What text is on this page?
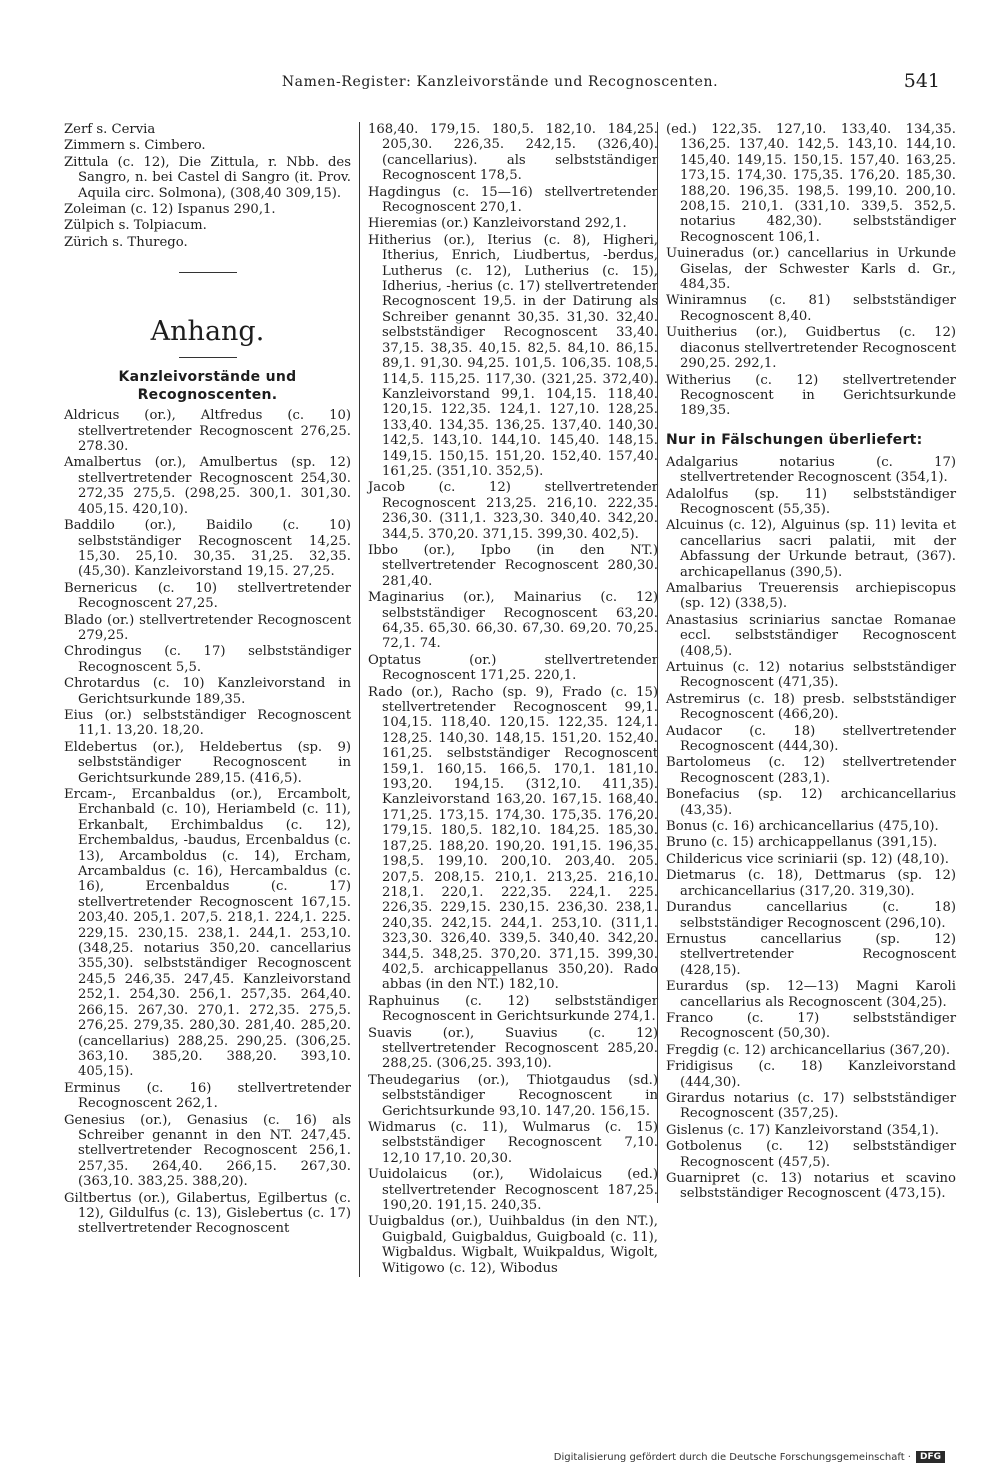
Namen-Register: Kanzleivorstände und Recognoscenten.	541
Zerf s. Cervia
Zimmern s. Cimbero.
Zittula (c. 12), Die Zittula, r. Nbb. des Sangro, n. bei Castel di Sangro (it. Prov. Aquila circ. Solmona), (308,40 309,15).
Zoleiman (c. 12) Ispanus 290,1.
Zülpich s. Tolpiacum.
Zürich s. Thurego.
Anhang.
Kanzleivorstände und Recognoscenten.
Aldricus (or.), Altfredus (c. 10) stellvertretender Recognoscent 276,25. 278.30.
Amalbertus (or.), Amulbertus (sp. 12) stellvertretender Recognoscent 254,30. 272,35 275,5. (298,25. 300,1. 301,30. 405,15. 420,10).
Baddilo (or.), Baidilo (c. 10) selbstständiger Recognoscent 14,25. 15,30. 25,10. 30,35. 31,25. 32,35. (45,30). Kanzleivorstand 19,15. 27,25.
Bernericus (c. 10) stellvertretender Recognoscent 27,25.
Blado (or.) stellvertretender Recognoscent 279,25.
Chrodingus (c. 17) selbstständiger Recognoscent 5,5.
Chrotardus (c. 10) Kanzleivorstand in Gerichtsurkunde 189,35.
Eius (or.) selbstständiger Recognoscent 11,1. 13,20. 18,20.
Eldebertus (or.), Heldebertus (sp. 9) selbstständiger Recognoscent in Gerichtsurkunde 289,15. (416,5).
Ercam-, Ercanbaldus (or.), Ercambolt, Erchanbald (c. 10), Heriambeld (c. 11), Erkanbalt, Erchimbaldus (c. 12), Erchembaldus, -baudus, Ercenbaldus (c. 13), Arcamboldus (c. 14), Ercham, Arcambaldus (c. 16), Hercambaldus (c. 16), Ercenbaldus (c. 17) stellvertretender Recognoscent 167,15. 203,40. 205,1. 207,5. 218,1. 224,1. 225. 229,15. 230,15. 238,1. 244,1. 253,10. (348,25. notarius 350,20. cancellarius 355,30). selbstständiger Recognoscent 245,5 246,35. 247,45. Kanzleivorstand 252,1. 254,30. 256,1. 257,35. 264,40. 266,15. 267,30. 270,1. 272,35. 275,5. 276,25. 279,35. 280,30. 281,40. 285,20. (cancellarius) 288,25. 290,25. (306,25. 363,10. 385,20. 388,20. 393,10. 405,15).
Erminus (c. 16) stellvertretender Recognoscent 262,1.
Genesius (or.), Genasius (c. 16) als Schreiber genannt in den NT. 247,45. stellvertretender Recognoscent 256,1. 257,35. 264,40. 266,15. 267,30. (363,10. 383,25. 388,20).
Giltbertus (or.), Gilabertus, Egilbertus (c. 12), Gildulfus (c. 13), Gislebertus (c. 17) stellvertretender Recognoscent
168,40. 179,15. 180,5. 182,10. 184,25. 205,30. 226,35. 242,15. (326,40). (cancellarius). als selbstständiger Recognoscent 178,5.
Hagdingus (c. 15—16) stellvertretender Recognoscent 270,1.
Hieremias (or.) Kanzleivorstand 292,1.
Hitherius (or.), Iterius (c. 8), Higheri, Itherius, Enrich, Liudbertus, -berdus, Lutherus (c. 12), Lutherius (c. 15), Idherius, -herius (c. 17) stellvertretender Recognoscent 19,5. in der Datirung als Schreiber genannt 30,35. 31,30. 32,40. selbstständiger Recognoscent 33,40. 37,15. 38,35. 40,15. 82,5. 84,10. 86,15. 89,1. 91,30. 94,25. 101,5. 106,35. 108,5. 114,5. 115,25. 117,30. (321,25. 372,40). Kanzleivorstand 99,1. 104,15. 118,40. 120,15. 122,35. 124,1. 127,10. 128,25. 133,40. 134,35. 136,25. 137,40. 140,30. 142,5. 143,10. 144,10. 145,40. 148,15. 149,15. 150,15. 151,20. 152,40. 157,40. 161,25. (351,10. 352,5).
Jacob (c. 12) stellvertretender Recognoscent 213,25. 216,10. 222,35. 236,30. (311,1. 323,30. 340,40. 342,20. 344,5. 370,20. 371,15. 399,30. 402,5).
Ibbo (or.), Ipbo (in den NT.) stellvertretender Recognoscent 280,30. 281,40.
Maginarius (or.), Mainarius (c. 12) selbstständiger Recognoscent 63,20. 64,35. 65,30. 66,30. 67,30. 69,20. 70,25. 72,1. 74.
Optatus (or.) stellvertretender Recognoscent 171,25. 220,1.
Rado (or.), Racho (sp. 9), Frado (c. 15) stellvertretender Recognoscent 99,1. 104,15. 118,40. 120,15. 122,35. 124,1. 128,25. 140,30. 148,15. 151,20. 152,40. 161,25. selbstständiger Recognoscent 159,1. 160,15. 166,5. 170,1. 181,10. 193,20. 194,15. (312,10. 411,35). Kanzleivorstand 163,20. 167,15. 168,40. 171,25. 173,15. 174,30. 175,35. 176,20. 179,15. 180,5. 182,10. 184,25. 185,30. 187,25. 188,20. 190,20. 191,15. 196,35. 198,5. 199,10. 200,10. 203,40. 205. 207,5. 208,15. 210,1. 213,25. 216,10. 218,1. 220,1. 222,35. 224,1. 225. 226,35. 229,15. 230,15. 236,30. 238,1. 240,35. 242,15. 244,1. 253,10. (311,1. 323,30. 326,40. 339,5. 340,40. 342,20. 344,5. 348,25. 370,20. 371,15. 399,30. 402,5. archicappellanus 350,20). Rado abbas (in den NT.) 182,10.
Raphuinus (c. 12) selbstständiger Recognoscent in Gerichtsurkunde 274,1.
Suavis (or.), Suavius (c. 12) stellvertretender Recognoscent 285,20. 288,25. (306,25. 393,10).
Theudegarius (or.), Thiotgaudus (sd.) selbstständiger Recognoscent in Gerichtsurkunde 93,10. 147,20. 156,15.
Widmarus (c. 11), Wulmarus (c. 15) selbstständiger Recognoscent 7,10. 12,10 17,10. 20,30.
Uuidolaicus (or.), Widolaicus (ed.) stellvertretender Recognoscent 187,25. 190,20. 191,15. 240,35.
Uuigbaldus (or.), Uuihbaldus (in den NT.), Guigbald, Guigbaldus, Guigboald (c. 11), Wigbaldus. Wigbalt, Wuikpaldus, Wigolt, Witigowo (c. 12), Wibodus
(ed.) 122,35. 127,10. 133,40. 134,35. 136,25. 137,40. 142,5. 143,10. 144,10. 145,40. 149,15. 150,15. 157,40. 163,25. 173,15. 174,30. 175,35. 176,20. 185,30. 188,20. 196,35. 198,5. 199,10. 200,10. 208,15. 210,1. (331,10. 339,5. 352,5. notarius 482,30). selbstständiger Recognoscent 106,1.
Uuineradus (or.) cancellarius in Urkunde Giselas, der Schwester Karls d. Gr., 484,35.
Winiramnus (c. 81) selbstständiger Recognoscent 8,40.
Uuitherius (or.), Guidbertus (c. 12) diaconus stellvertretender Recognoscent 290,25. 292,1.
Witherius (c. 12) stellvertretender Recognoscent in Gerichtsurkunde 189,35.
Nur in Fälschungen überliefert:
Adalgarius notarius (c. 17) stellvertretender Recognoscent (354,1).
Adalolfus (sp. 11) selbstständiger Recognoscent (55,35).
Alcuinus (c. 12), Alguinus (sp. 11) levita et cancellarius sacri palatii, mit der Abfassung der Urkunde betraut, (367). archicapellanus (390,5).
Amalbarius Treuerensis archiepiscopus (sp. 12) (338,5).
Anastasius scriniarius sanctae Romanae eccl. selbstständiger Recognoscent (408,5).
Artuinus (c. 12) notarius selbstständiger Recognoscent (471,35).
Astremirus (c. 18) presb. selbstständiger Recognoscent (466,20).
Audacor (c. 18) stellvertretender Recognoscent (444,30).
Bartolomeus (c. 12) stellvertretender Recognoscent (283,1).
Bonefacius (sp. 12) archicancellarius (43,35).
Bonus (c. 16) archicancellarius (475,10).
Bruno (c. 15) archicappellanus (391,15).
Childericus vice scriniarii (sp. 12) (48,10).
Dietmarus (c. 18), Dettmarus (sp. 12) archicancellarius (317,20. 319,30).
Durandus cancellarius (c. 18) selbstständiger Recognoscent (296,10).
Ernustus cancellarius (sp. 12) stellvertretender Recognoscent (428,15).
Eurardus (sp. 12—13) Magni Karoli cancellarius als Recognoscent (304,25).
Franco (c. 17) selbstständiger Recognoscent (50,30).
Fregdig (c. 12) archicancellarius (367,20).
Fridigisus (c. 18) Kanzleivorstand (444,30).
Girardus notarius (c. 17) selbstständiger Recognoscent (357,25).
Gislenus (c. 17) Kanzleivorstand (354,1).
Gotbolenus (c. 12) selbstständiger Recognoscent (457,5).
Guarnipret (c. 13) notarius et scavino selbstständiger Recognoscent (473,15).
Digitalisierung gefördert durch die Deutsche Forschungsgemeinschaft ·	DFG
